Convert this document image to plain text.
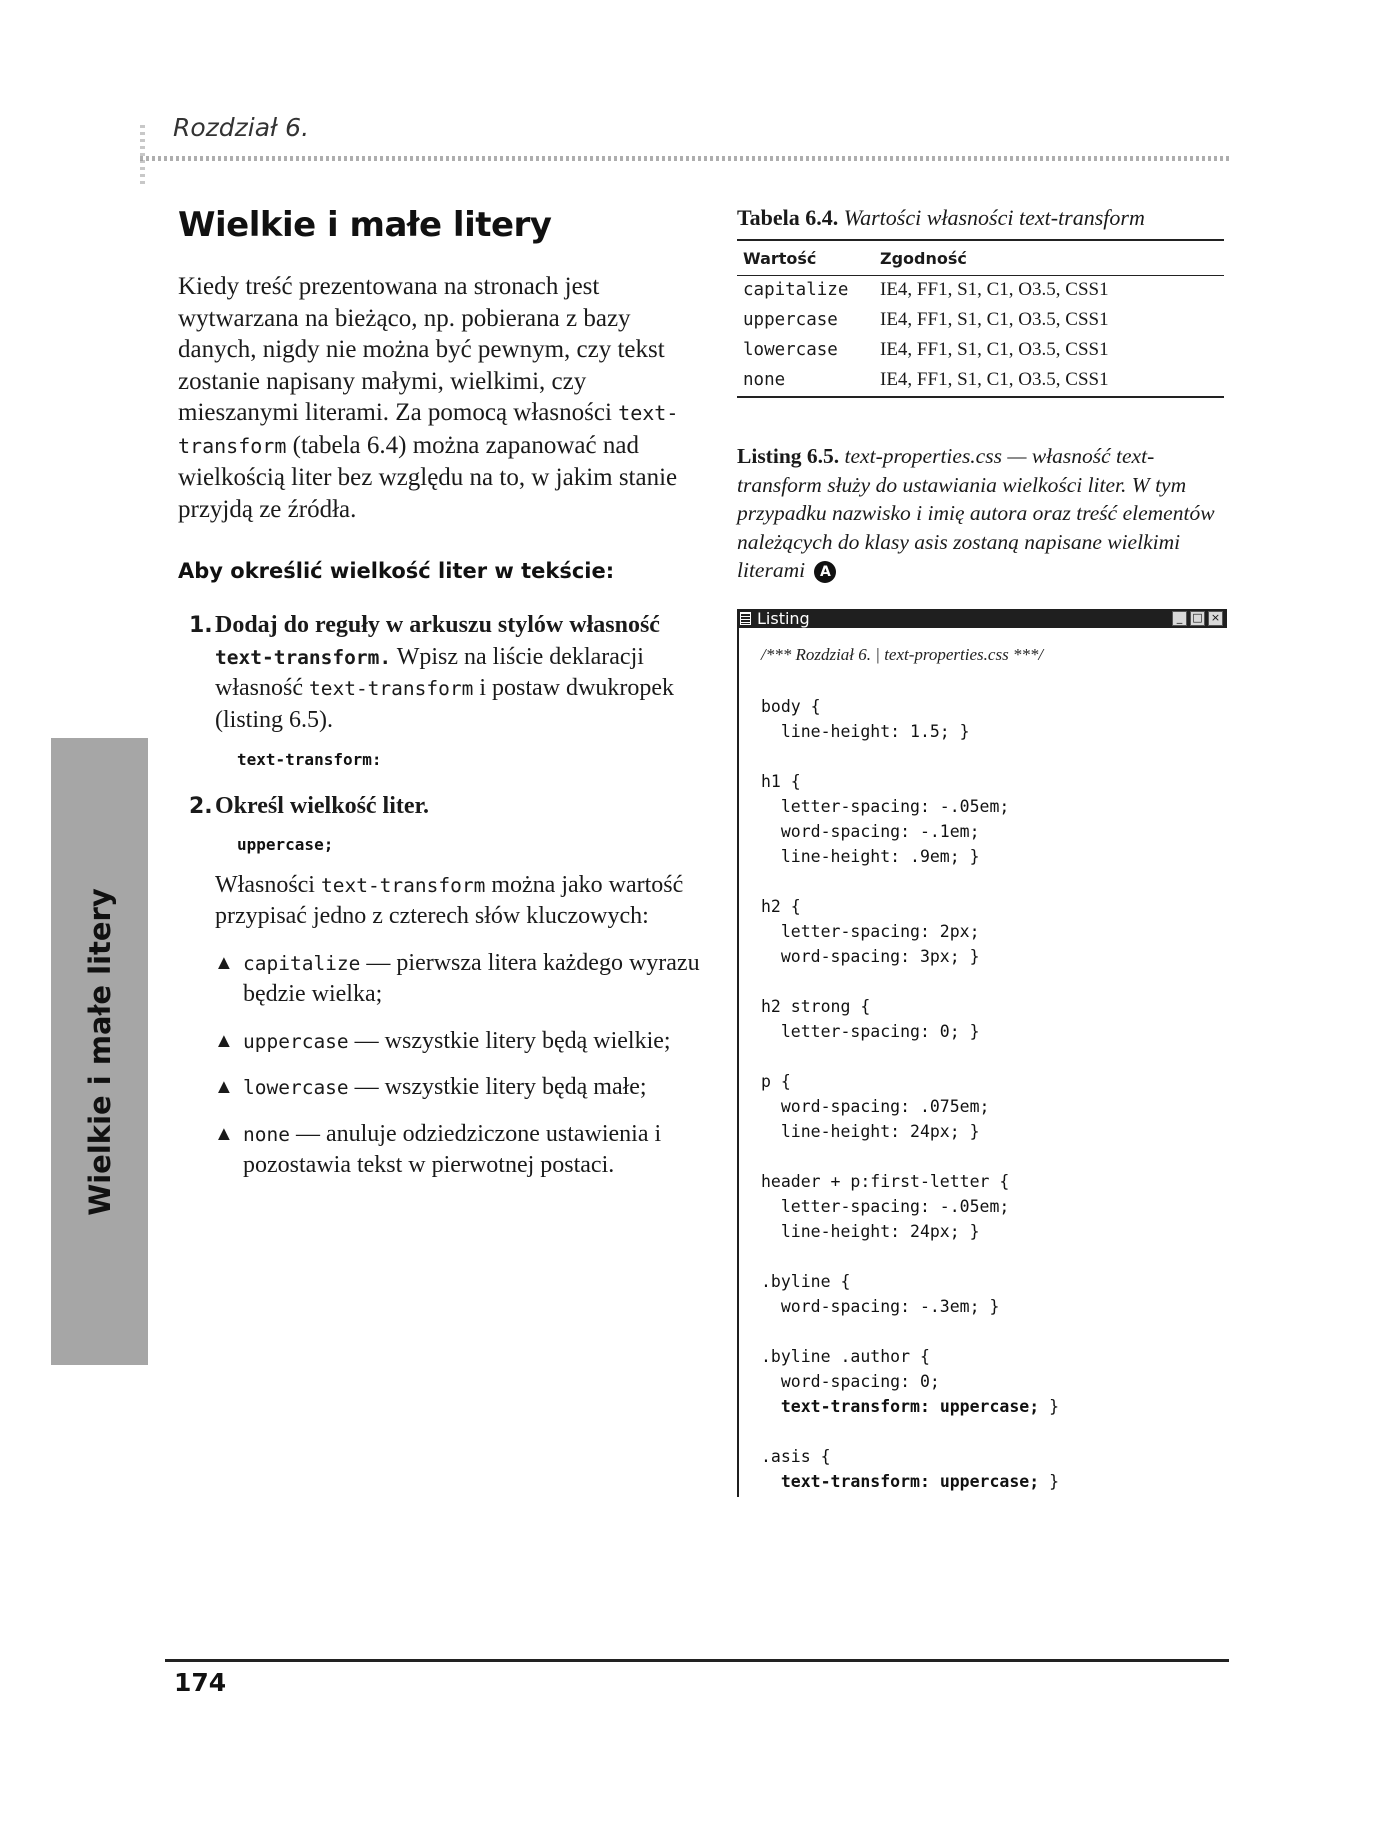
Rozdział 6.
Wielkie i małe litery
Wielkie i małe litery

Kiedy treść prezentowana na stronach jest wytwarzana na bieżąco, np. pobierana z bazy danych, nigdy nie można być pewnym, czy tekst zostanie napisany małymi, wielkimi, czy mieszanymi literami. Za pomocą własności text-transform (tabela 6.4) można zapanować nad wielkością liter bez względu na to, w jakim stanie przyjdą ze źródła.

Aby określić wielkość liter w tekście:
1. Dodaj do reguły w arkuszu stylów własność text-transform. Wpisz na liście deklaracji własność text-transform i postaw dwukropek (listing 6.5).
text-transform:
2. Określ wielkość liter.
uppercase;
Własności text-transform można jako wartość przypisać jedno z czterech słów kluczowych:
▲ capitalize — pierwsza litera każdego wyrazu będzie wielka;
▲ uppercase — wszystkie litery będą wielkie;
▲ lowercase — wszystkie litery będą małe;
▲ none — anuluje odziedziczone ustawienia i pozostawia tekst w pierwotnej postaci.
Tabela 6.4. Wartości własności text-transform
Wartość	Zgodność
capitalize	IE4, FF1, S1, C1, O3.5, CSS1
uppercase	IE4, FF1, S1, C1, O3.5, CSS1
lowercase	IE4, FF1, S1, C1, O3.5, CSS1
none	IE4, FF1, S1, C1, O3.5, CSS1
Listing 6.5. text-properties.css — własność text-transform służy do ustawiania wielkości liter. W tym przypadku nazwisko i imię autora oraz treść elementów należących do klasy asis zostaną napisane wielkimi literami A
Listing	_ □ ×
/*** Rozdział 6. | text-properties.css ***/
body {
line-height: 1.5; }

h1 {
letter-spacing: -.05em;
word-spacing: -.1em;
line-height: .9em; }

h2 {
letter-spacing: 2px;
word-spacing: 3px; }

h2 strong {
letter-spacing: 0; }

p {
word-spacing: .075em;
line-height: 24px; }

header + p:first-letter {
letter-spacing: -.05em;
line-height: 24px; }

.byline {
word-spacing: -.3em; }

.byline .author {
word-spacing: 0;
text-transform: uppercase; }

.asis {
text-transform: uppercase; }

174
